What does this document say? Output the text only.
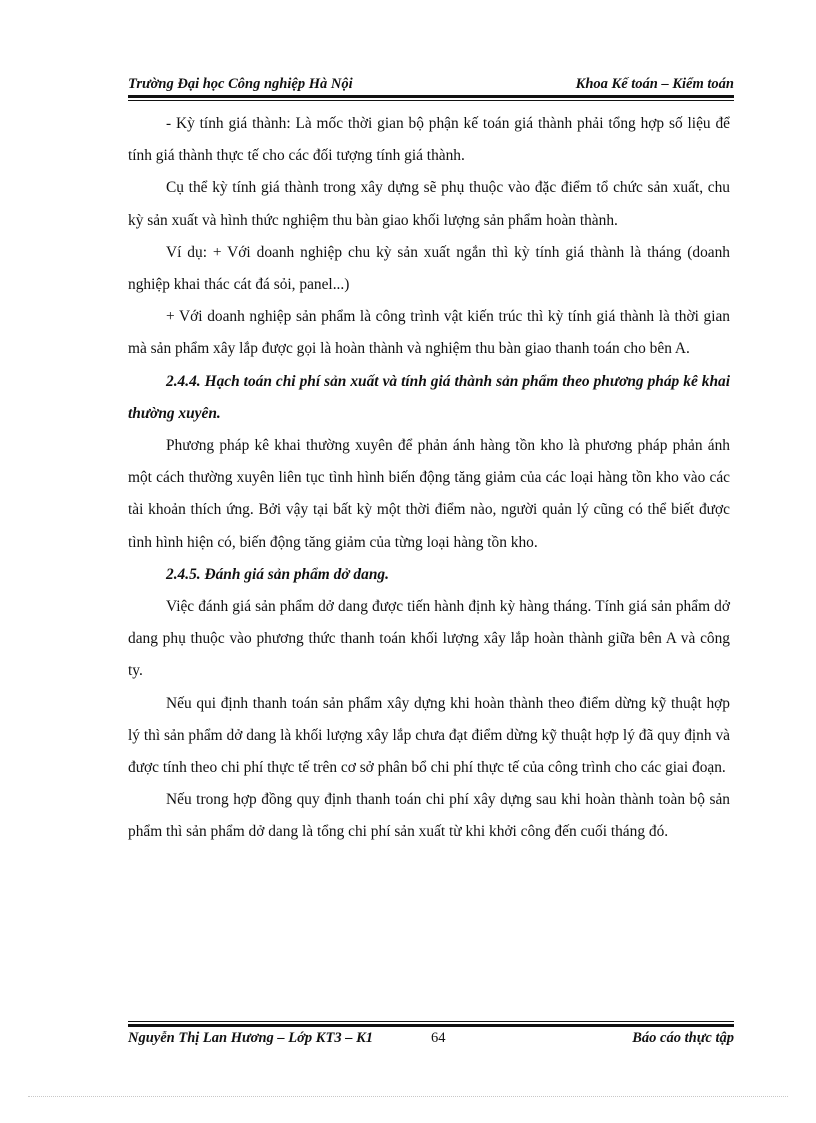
Trường Đại học Công nghiệp Hà Nội	Khoa Kế toán – Kiểm toán

- Kỳ tính giá thành: Là mốc thời gian bộ phận kế toán giá thành phải tổng hợp số liệu để tính giá thành thực tế cho các đối tượng tính giá thành.

Cụ thể kỳ tính giá thành trong xây dựng sẽ phụ thuộc vào đặc điểm tổ chức sản xuất, chu kỳ sản xuất và hình thức nghiệm thu bàn giao khối lượng sản phẩm hoàn thành.

Ví dụ: + Với doanh nghiệp chu kỳ sản xuất ngắn thì kỳ tính giá thành là tháng (doanh nghiệp khai thác cát đá sỏi, panel...)

+ Với doanh nghiệp sản phẩm là công trình vật kiến trúc thì kỳ tính giá thành là thời gian mà sản phẩm xây lắp được gọi là hoàn thành và nghiệm thu bàn giao thanh toán cho bên A.

2.4.4. Hạch toán chi phí sản xuất và tính giá thành sản phẩm theo phương pháp kê khai thường xuyên.

Phương pháp kê khai thường xuyên để phản ánh hàng tồn kho là phương pháp phản ánh một cách thường xuyên liên tục tình hình biến động tăng giảm của các loại hàng tồn kho vào các tài khoản thích ứng. Bởi vậy tại bất kỳ một thời điểm nào, người quản lý cũng có thể biết được tình hình hiện có, biến động tăng giảm của từng loại hàng tồn kho.

2.4.5. Đánh giá sản phẩm dở dang.

Việc đánh giá sản phẩm dở dang được tiến hành định kỳ hàng tháng. Tính giá sản phẩm dở dang phụ thuộc vào phương thức thanh toán khối lượng xây lắp hoàn thành giữa bên A và công ty.

Nếu qui định thanh toán sản phẩm xây dựng khi hoàn thành theo điểm dừng kỹ thuật hợp lý thì sản phẩm dở dang là khối lượng xây lắp chưa đạt điểm dừng kỹ thuật hợp lý đã quy định và được tính theo chi phí thực tế trên cơ sở phân bổ chi phí thực tế của công trình cho các giai đoạn.

Nếu trong hợp đồng quy định thanh toán chi phí xây dựng sau khi hoàn thành toàn bộ sản phẩm thì sản phẩm dở dang là tổng chi phí sản xuất từ khi khởi công đến cuối tháng đó.

Nguyễn Thị Lan Hương – Lớp KT3 – K1	64	Báo cáo thực tập
